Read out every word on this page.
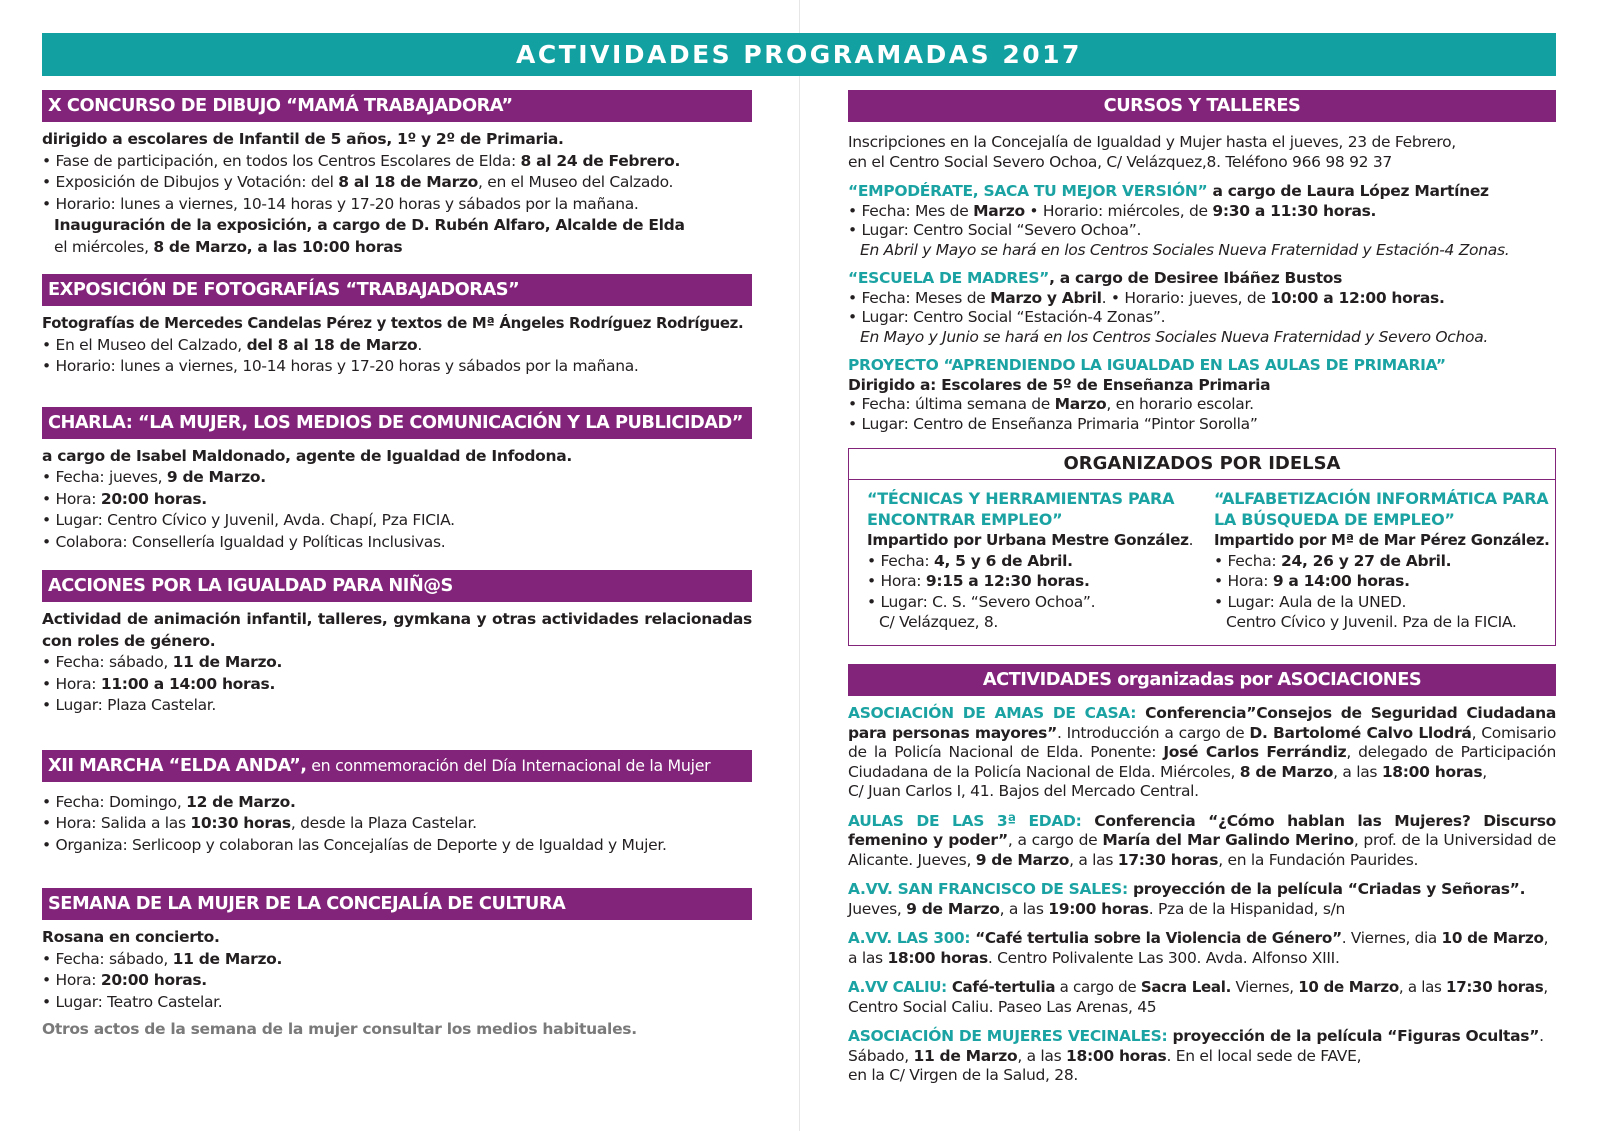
ACTIVIDADES PROGRAMADAS 2017
X CONCURSO DE DIBUJO “MAMÁ TRABAJADORA”
dirigido a escolares de Infantil de 5 años, 1º y 2º de Primaria.
• Fase de participación, en todos los Centros Escolares de Elda: 8 al 24 de Febrero.
• Exposición de Dibujos y Votación: del 8 al 18 de Marzo, en el Museo del Calzado.
• Horario: lunes a viernes, 10-14 horas y 17-20 horas y sábados por la mañana.
Inauguración de la exposición, a cargo de D. Rubén Alfaro, Alcalde de Elda
el miércoles, 8 de Marzo, a las 10:00 horas
EXPOSICIÓN DE FOTOGRAFÍAS “TRABAJADORAS”
Fotografías de Mercedes Candelas Pérez y textos de Mª Ángeles Rodríguez Rodríguez.
• En el Museo del Calzado, del 8 al 18 de Marzo.
• Horario: lunes a viernes, 10-14 horas y 17-20 horas y sábados por la mañana.
CHARLA: “LA MUJER, LOS MEDIOS DE COMUNICACIÓN Y LA PUBLICIDAD”
a cargo de Isabel Maldonado, agente de Igualdad de Infodona.
• Fecha: jueves, 9 de Marzo.
• Hora: 20:00 horas.
• Lugar: Centro Cívico y Juvenil, Avda. Chapí, Pza FICIA.
• Colabora: Consellería Igualdad y Políticas Inclusivas.
ACCIONES POR LA IGUALDAD PARA NIÑ@S
Actividad de animación infantil, talleres, gymkana y otras actividades relacionadas con roles de género.
• Fecha: sábado, 11 de Marzo.
• Hora: 11:00 a 14:00 horas.
• Lugar: Plaza Castelar.
XII MARCHA “ELDA ANDA”, en conmemoración del Día Internacional de la Mujer
• Fecha: Domingo, 12 de Marzo.
• Hora: Salida a las 10:30 horas, desde la Plaza Castelar.
• Organiza: Serlicoop y colaboran las Concejalías de Deporte y de Igualdad y Mujer.
SEMANA DE LA MUJER DE LA CONCEJALÍA DE CULTURA
Rosana en concierto.
• Fecha: sábado, 11 de Marzo.
• Hora: 20:00 horas.
• Lugar: Teatro Castelar.
Otros actos de la semana de la mujer consultar los medios habituales.
CURSOS Y TALLERES
Inscripciones en la Concejalía de Igualdad y Mujer hasta el jueves, 23 de Febrero,
en el Centro Social Severo Ochoa, C/ Velázquez,8. Teléfono 966 98 92 37
“EMPODÉRATE, SACA TU MEJOR VERSIÓN” a cargo de Laura López Martínez
• Fecha: Mes de Marzo • Horario: miércoles, de 9:30 a 11:30 horas.
• Lugar: Centro Social “Severo Ochoa”.
En Abril y Mayo se hará en los Centros Sociales Nueva Fraternidad y Estación-4 Zonas.
“ESCUELA DE MADRES”, a cargo de Desiree Ibáñez Bustos
• Fecha: Meses de Marzo y Abril. • Horario: jueves, de 10:00 a 12:00 horas.
• Lugar: Centro Social “Estación-4 Zonas”.
En Mayo y Junio se hará en los Centros Sociales Nueva Fraternidad y Severo Ochoa.
PROYECTO “APRENDIENDO LA IGUALDAD EN LAS AULAS DE PRIMARIA”
Dirigido a: Escolares de 5º de Enseñanza Primaria
• Fecha: última semana de Marzo, en horario escolar.
• Lugar: Centro de Enseñanza Primaria “Pintor Sorolla”
ORGANIZADOS POR IDELSA
“TÉCNICAS Y HERRAMIENTAS PARA
ENCONTRAR EMPLEO”
Impartido por Urbana Mestre González.
• Fecha: 4, 5 y 6 de Abril.
• Hora: 9:15 a 12:30 horas.
• Lugar: C. S. “Severo Ochoa”.
C/ Velázquez, 8.
“ALFABETIZACIÓN INFORMÁTICA PARA
LA BÚSQUEDA DE EMPLEO”
Impartido por Mª de Mar Pérez González.
• Fecha: 24, 26 y 27 de Abril.
• Hora: 9 a 14:00 horas.
• Lugar: Aula de la UNED.
Centro Cívico y Juvenil. Pza de la FICIA.
ACTIVIDADES organizadas por ASOCIACIONES
ASOCIACIÓN DE AMAS DE CASA: Conferencia”Consejos de Seguridad Ciudadana para personas mayores”. Introducción a cargo de D. Bartolomé Calvo Llodrá, Comisario de la Policía Nacional de Elda. Ponente: José Carlos Ferrándiz, delegado de Participación Ciudadana de la Policía Nacional de Elda. Miércoles, 8 de Marzo, a las 18:00 horas,
C/ Juan Carlos I, 41. Bajos del Mercado Central.
AULAS DE LAS 3ª EDAD: Conferencia “¿Cómo hablan las Mujeres? Discurso femenino y poder”, a cargo de María del Mar Galindo Merino, prof. de la Universidad de Alicante. Jueves, 9 de Marzo, a las 17:30 horas, en la Fundación Paurides.
A.VV. SAN FRANCISCO DE SALES: proyección de la película “Criadas y Señoras”.
Jueves, 9 de Marzo, a las 19:00 horas. Pza de la Hispanidad, s/n
A.VV. LAS 300: “Café tertulia sobre la Violencia de Género”. Viernes, dia 10 de Marzo,
a las 18:00 horas. Centro Polivalente Las 300. Avda. Alfonso XIII.
A.VV CALIU: Café-tertulia a cargo de Sacra Leal. Viernes, 10 de Marzo, a las 17:30 horas,
Centro Social Caliu. Paseo Las Arenas, 45
ASOCIACIÓN DE MUJERES VECINALES: proyección de la película “Figuras Ocultas”.
Sábado, 11 de Marzo, a las 18:00 horas. En el local sede de FAVE,
en la C/ Virgen de la Salud, 28.
